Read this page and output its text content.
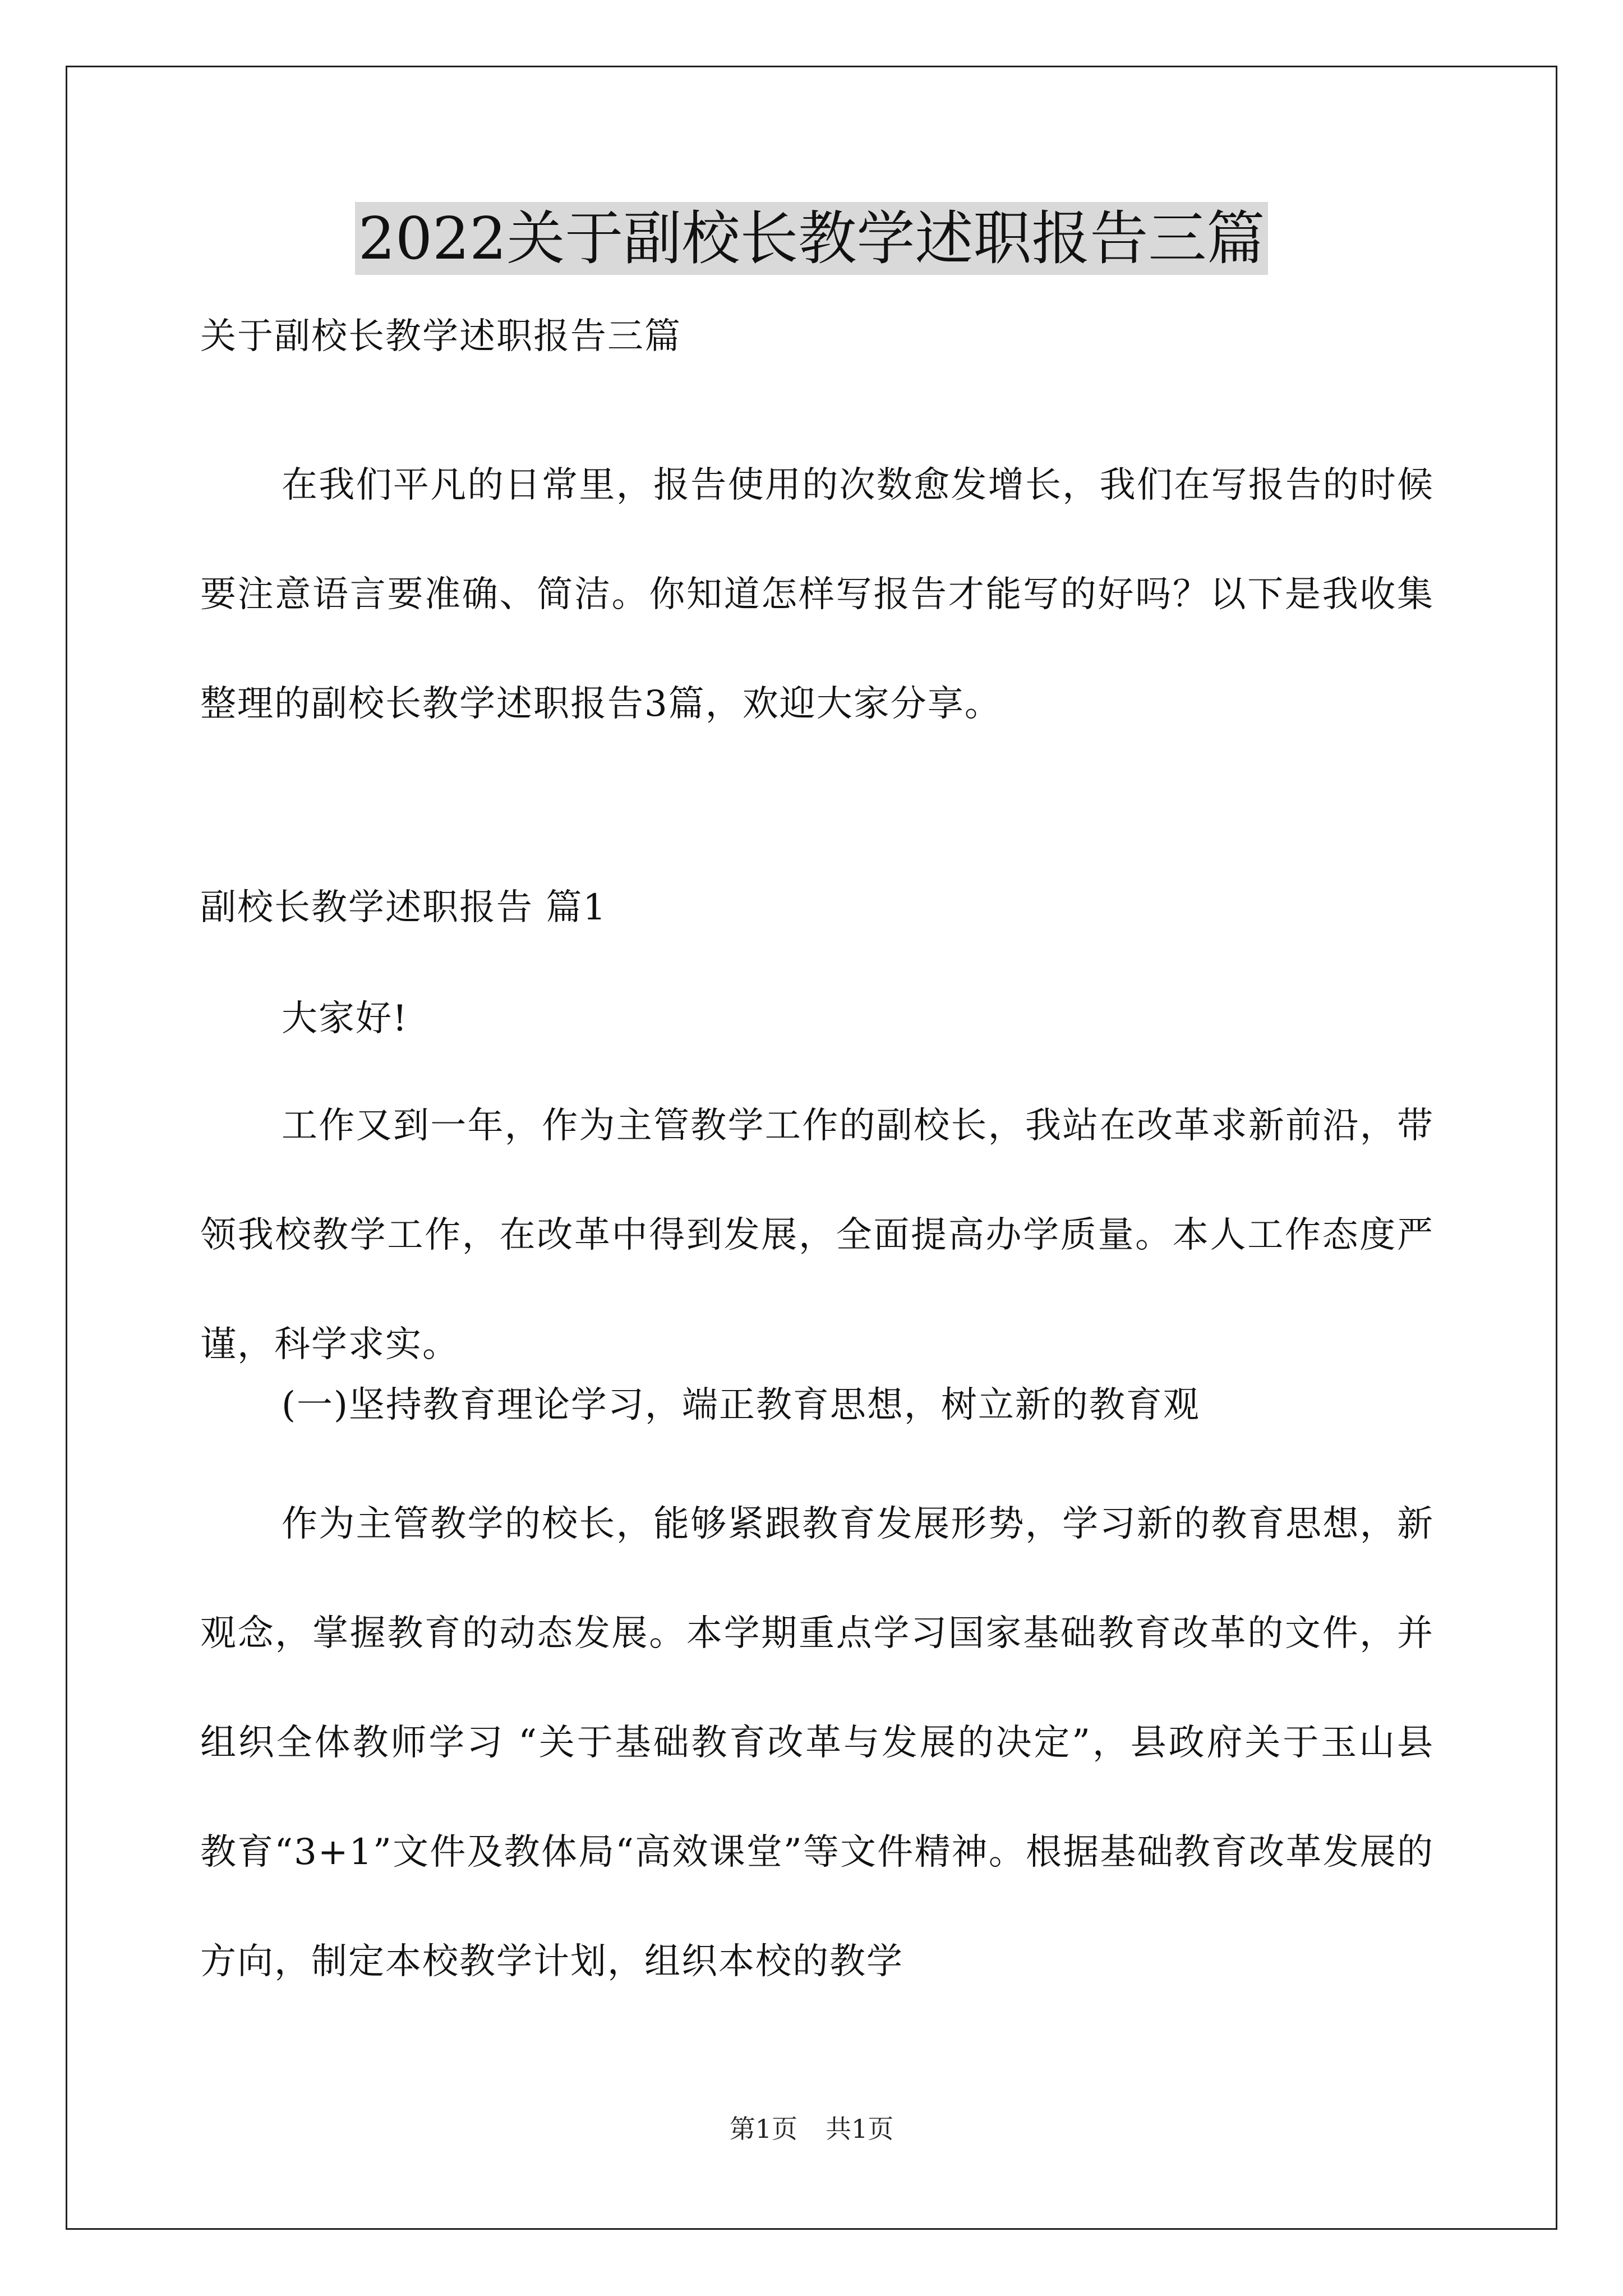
2022关于副校长教学述职报告三篇

关于副校长教学述职报告三篇

在我们平凡的日常里，报告使用的次数愈发增长，我们在写报告的时候要注意语言要准确、简洁。你知道怎样写报告才能写的好吗？以下是我收集整理的副校长教学述职报告3篇，欢迎大家分享。

副校长教学述职报告 篇1

大家好!

工作又到一年，作为主管教学工作的副校长，我站在改革求新前沿，带领我校教学工作，在改革中得到发展，全面提高办学质量。本人工作态度严谨，科学求实。

(一)坚持教育理论学习，端正教育思想，树立新的教育观

作为主管教学的校长，能够紧跟教育发展形势，学习新的教育思想，新观念，掌握教育的动态发展。本学期重点学习国家基础教育改革的文件，并组织全体教师学习 “关于基础教育改革与发展的决定”，县政府关于玉山县教育“3+1”文件及教体局“高效课堂”等文件精神。根据基础教育改革发展的方向，制定本校教学计划，组织本校的教学

第1页 共1页
